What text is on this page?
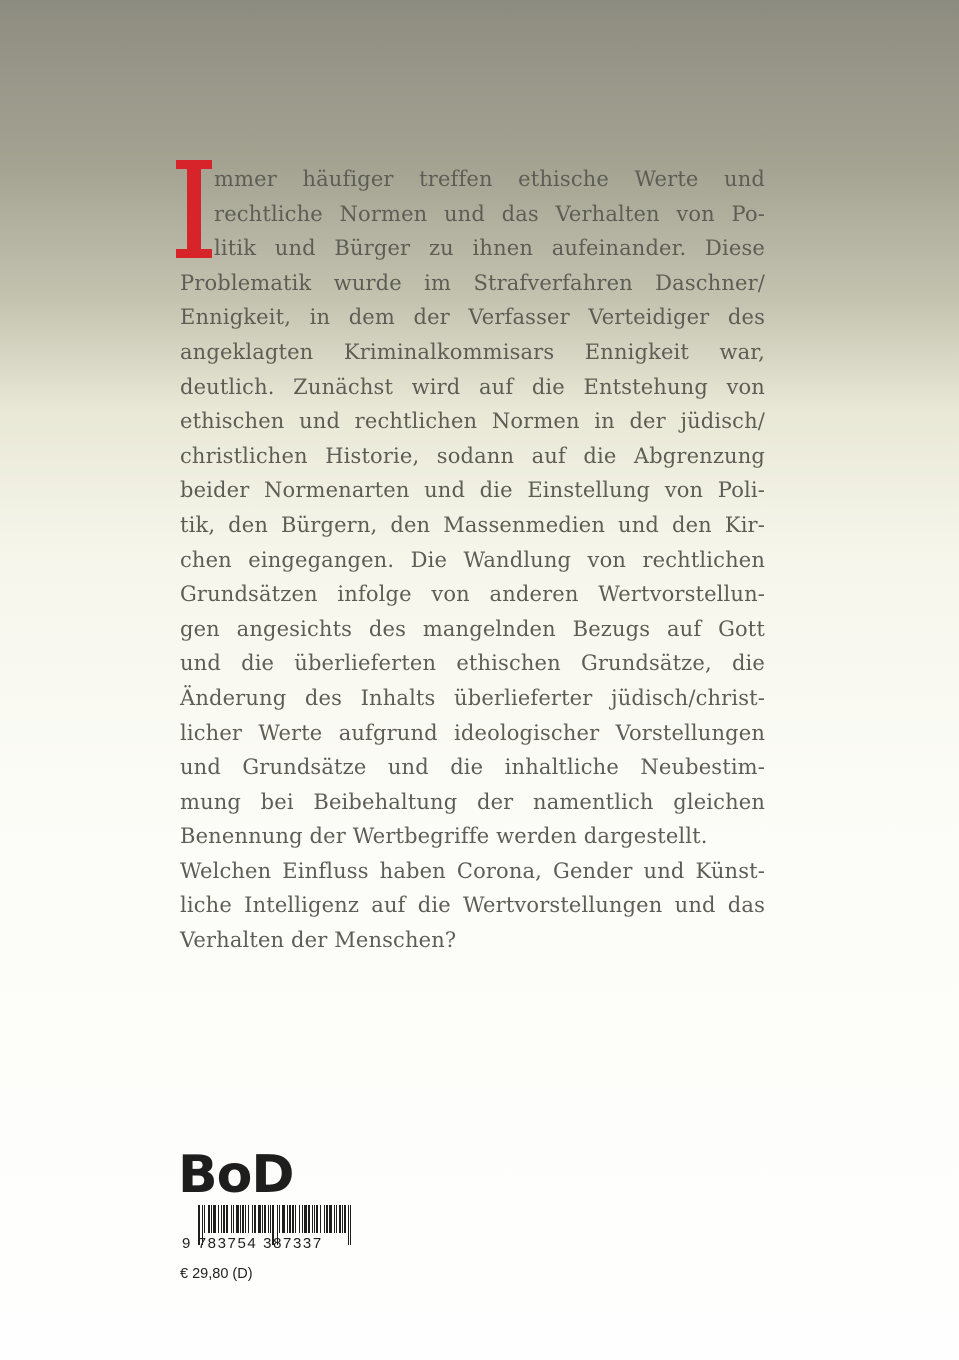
I
mmer häufiger treffen ethische Werte und
rechtliche Normen und das Verhalten von Po-
litik und Bürger zu ihnen aufeinander. Diese
Problematik wurde im Strafverfahren Daschner/
Ennigkeit, in dem der Verfasser Verteidiger des
angeklagten Kriminalkommisars Ennigkeit war,
deutlich. Zunächst wird auf die Entstehung von
ethischen und rechtlichen Normen in der jüdisch/
christlichen Historie, sodann auf die Abgrenzung
beider Normenarten und die Einstellung von Poli-
tik, den Bürgern, den Massenmedien und den Kir-
chen eingegangen. Die Wandlung von rechtlichen
Grundsätzen infolge von anderen Wertvorstellun-
gen angesichts des mangelnden Bezugs auf Gott
und die überlieferten ethischen Grundsätze, die
Änderung des Inhalts überlieferter jüdisch/christ-
licher Werte aufgrund ideologischer Vorstellungen
und Grundsätze und die inhaltliche Neubestim-
mung bei Beibehaltung der namentlich gleichen
Benennung der Wertbegriffe werden dargestellt.
Welchen Einfluss haben Corona, Gender und Künst-
liche Intelligenz auf die Wertvorstellungen und das
Verhalten der Menschen?
BoD
9 783754 387337
€ 29,80 (D)
